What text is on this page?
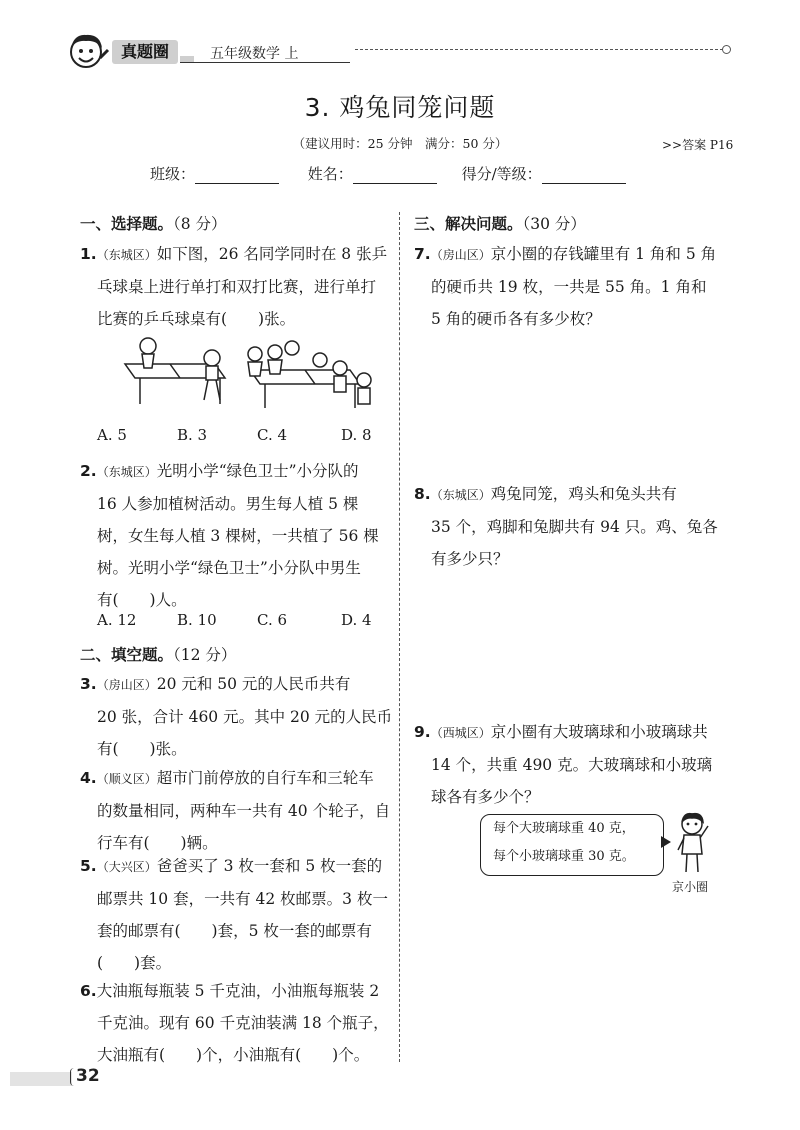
真题圈	五年级数学 上
3. 鸡兔同笼问题
（建议用时：25 分钟　满分：50 分）	>>答案 P16
班级：	姓名：	得分/等级：
一、选择题。（8 分）
1.（东城区）如下图，26 名同学同时在 8 张乒
乓球桌上进行单打和双打比赛，进行单打
比赛的乒乓球桌有(　　)张。
A. 5	B. 3	C. 4	D. 8
2.（东城区）光明小学“绿色卫士”小分队的
16 人参加植树活动。男生每人植 5 棵
树，女生每人植 3 棵树，一共植了 56 棵
树。光明小学“绿色卫士”小分队中男生
有(　　)人。
A. 12	B. 10	C. 6	D. 4
二、填空题。（12 分）
3.（房山区）20 元和 50 元的人民币共有
20 张，合计 460 元。其中 20 元的人民币
有(　　)张。
4.（顺义区）超市门前停放的自行车和三轮车
的数量相同，两种车一共有 40 个轮子，自
行车有(　　)辆。
5.（大兴区）爸爸买了 3 枚一套和 5 枚一套的
邮票共 10 套，一共有 42 枚邮票。3 枚一
套的邮票有(　　)套，5 枚一套的邮票有
(　　)套。
6.大油瓶每瓶装 5 千克油，小油瓶每瓶装 2
千克油。现有 60 千克油装满 18 个瓶子，
大油瓶有(　　)个，小油瓶有(　　)个。
三、解决问题。（30 分）
7.（房山区）京小圈的存钱罐里有 1 角和 5 角
的硬币共 19 枚，一共是 55 角。1 角和
5 角的硬币各有多少枚？
8.（东城区）鸡兔同笼，鸡头和兔头共有
35 个，鸡脚和兔脚共有 94 只。鸡、兔各
有多少只？
9.（西城区）京小圈有大玻璃球和小玻璃球共
14 个，共重 490 克。大玻璃球和小玻璃
球各有多少个？
每个大玻璃球重 40 克，
每个小玻璃球重 30 克。
京小圈
32
